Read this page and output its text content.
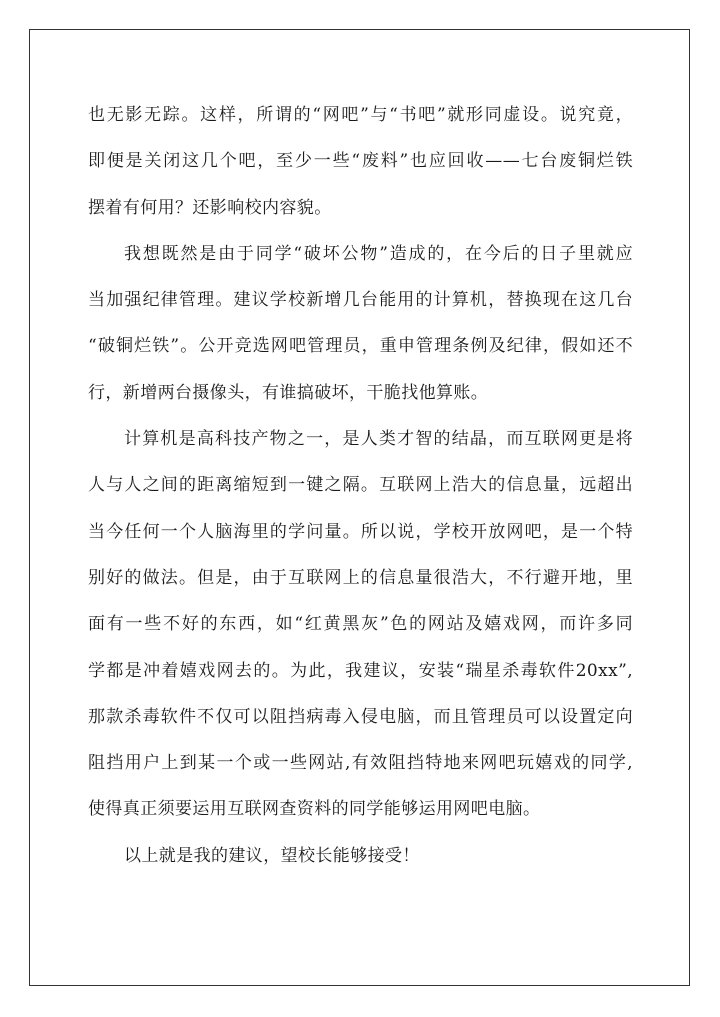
也无影无踪。这样，所谓的“网吧”与“书吧”就形同虚设。说究竟，
即便是关闭这几个吧，至少一些“废料”也应回收——七台废铜烂铁
摆着有何用？还影响校内容貌。
我想既然是由于同学“破坏公物”造成的，在今后的日子里就应
当加强纪律管理。建议学校新增几台能用的计算机，替换现在这几台
“破铜烂铁”。公开竞选网吧管理员，重申管理条例及纪律，假如还不
行，新增两台摄像头，有谁搞破坏，干脆找他算账。
计算机是高科技产物之一，是人类才智的结晶，而互联网更是将
人与人之间的距离缩短到一键之隔。互联网上浩大的信息量，远超出
当今任何一个人脑海里的学问量。所以说，学校开放网吧，是一个特
别好的做法。但是，由于互联网上的信息量很浩大，不行避开地，里
面有一些不好的东西，如“红黄黑灰”色的网站及嬉戏网，而许多同
学都是冲着嬉戏网去的。为此，我建议，安装“瑞星杀毒软件20xx”,
那款杀毒软件不仅可以阻挡病毒入侵电脑，而且管理员可以设置定向
阻挡用户上到某一个或一些网站,有效阻挡特地来网吧玩嬉戏的同学,
使得真正须要运用互联网查资料的同学能够运用网吧电脑。
以上就是我的建议，望校长能够接受！
